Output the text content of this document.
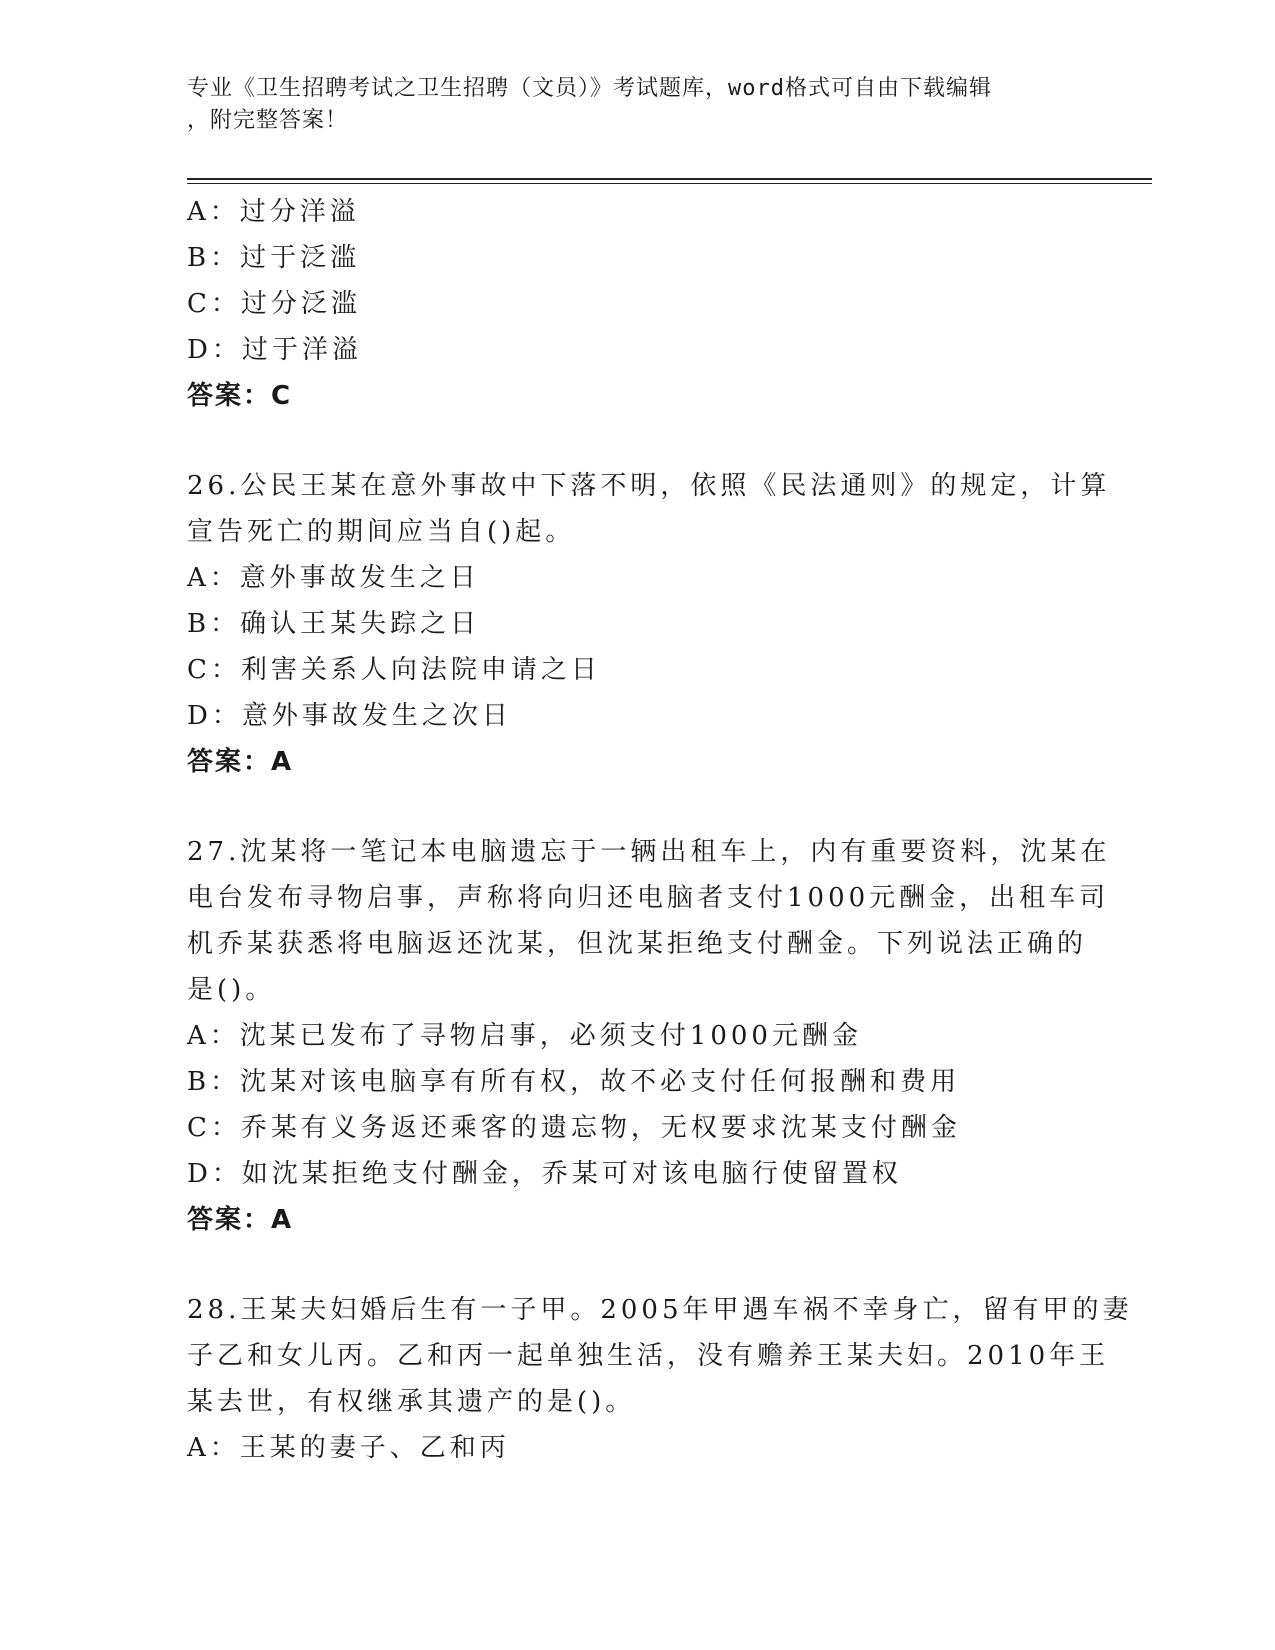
专业《卫生招聘考试之卫生招聘（文员）》考试题库，word格式可自由下载编辑
，附完整答案！
A：过分洋溢
B：过于泛滥
C：过分泛滥
D：过于洋溢
答案：C
26.公民王某在意外事故中下落不明，依照《民法通则》的规定，计算
宣告死亡的期间应当自()起。
A：意外事故发生之日
B：确认王某失踪之日
C：利害关系人向法院申请之日
D：意外事故发生之次日
答案：A
27.沈某将一笔记本电脑遗忘于一辆出租车上，内有重要资料，沈某在
电台发布寻物启事，声称将向归还电脑者支付1000元酬金，出租车司
机乔某获悉将电脑返还沈某，但沈某拒绝支付酬金。下列说法正确的
是()。
A：沈某已发布了寻物启事，必须支付1000元酬金
B：沈某对该电脑享有所有权，故不必支付任何报酬和费用
C：乔某有义务返还乘客的遗忘物，无权要求沈某支付酬金
D：如沈某拒绝支付酬金，乔某可对该电脑行使留置权
答案：A
28.王某夫妇婚后生有一子甲。2005年甲遇车祸不幸身亡，留有甲的妻
子乙和女儿丙。乙和丙一起单独生活，没有赡养王某夫妇。2010年王
某去世，有权继承其遗产的是()。
A：王某的妻子、乙和丙
